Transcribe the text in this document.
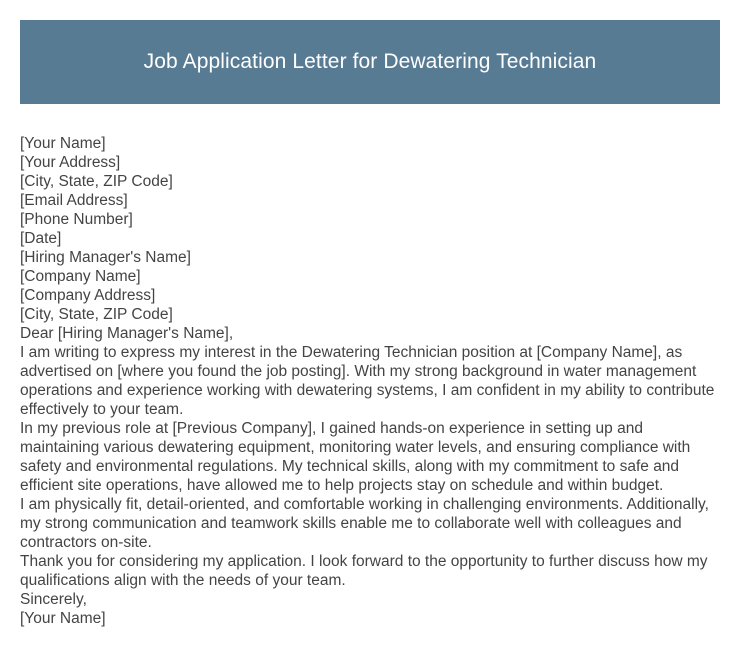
Job Application Letter for Dewatering Technician

[Your Name]

[Your Address]

[City, State, ZIP Code]

[Email Address]

[Phone Number]

[Date]

[Hiring Manager's Name]

[Company Name]

[Company Address]

[City, State, ZIP Code]

Dear [Hiring Manager's Name],

I am writing to express my interest in the Dewatering Technician position at [Company Name], as advertised on [where you found the job posting]. With my strong background in water management operations and experience working with dewatering systems, I am confident in my ability to contribute effectively to your team.

In my previous role at [Previous Company], I gained hands-on experience in setting up and maintaining various dewatering equipment, monitoring water levels, and ensuring compliance with safety and environmental regulations. My technical skills, along with my commitment to safe and efficient site operations, have allowed me to help projects stay on schedule and within budget.

I am physically fit, detail-oriented, and comfortable working in challenging environments. Additionally, my strong communication and teamwork skills enable me to collaborate well with colleagues and contractors on-site.

Thank you for considering my application. I look forward to the opportunity to further discuss how my qualifications align with the needs of your team.

Sincerely,

[Your Name]
